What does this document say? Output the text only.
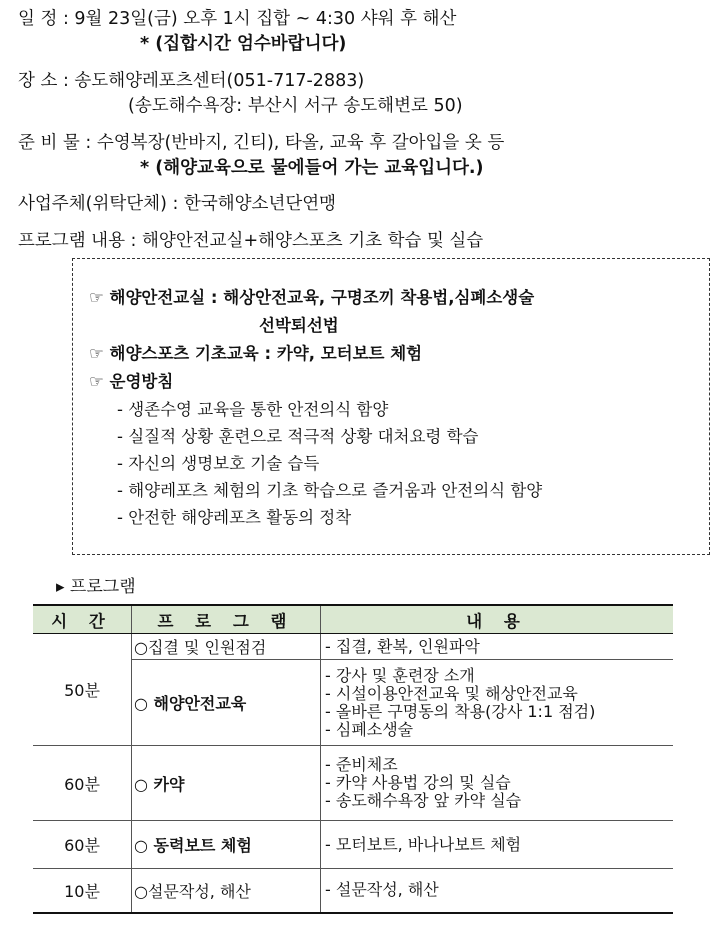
일 정 : 9월 23일(금) 오후 1시 집합 ~ 4:30 샤워 후 해산
* (집합시간 엄수바랍니다)
장 소 : 송도해양레포츠센터(051-717-2883)
(송도해수욕장: 부산시 서구 송도해변로 50)
준 비 물 : 수영복장(반바지, 긴티), 타올, 교육 후 갈아입을 옷 등
* (해양교육으로 물에들어 가는 교육입니다.)
사업주체(위탁단체) : 한국해양소년단연맹
프로그램 내용 : 해양안전교실+해양스포츠 기초 학습 및 실습
☞ 해양안전교실 : 해상안전교육, 구명조끼 착용법,심폐소생술
선박퇴선법
☞ 해양스포츠 기초교육 : 카약, 모터보트 체험
☞ 운영방침
- 생존수영 교육을 통한 안전의식 함양
- 실질적 상황 훈련으로 적극적 상황 대처요령 학습
- 자신의 생명보호 기술 습득
- 해양레포츠 체험의 기초 학습으로 즐거움과 안전의식 함양
- 안전한 해양레포츠 활동의 정착
▸ 프로그램
시 간	프 로 그 램	내 용
50분	○집결 및 인원점검	- 집결, 환복, 인원파악
	○ 해양안전교육	- 강사 및 훈련장 소개
- 시설이용안전교육 및 해상안전교육
- 올바른 구명동의 착용(강사 1:1 점검)
- 심폐소생술

60분	○ 카약	- 준비체조
- 카약 사용법 강의 및 실습
- 송도해수욕장 앞 카약 실습

60분	○ 동력보트 체험	- 모터보트, 바나나보트 체험

10분	○설문작성, 해산	- 설문작성, 해산
